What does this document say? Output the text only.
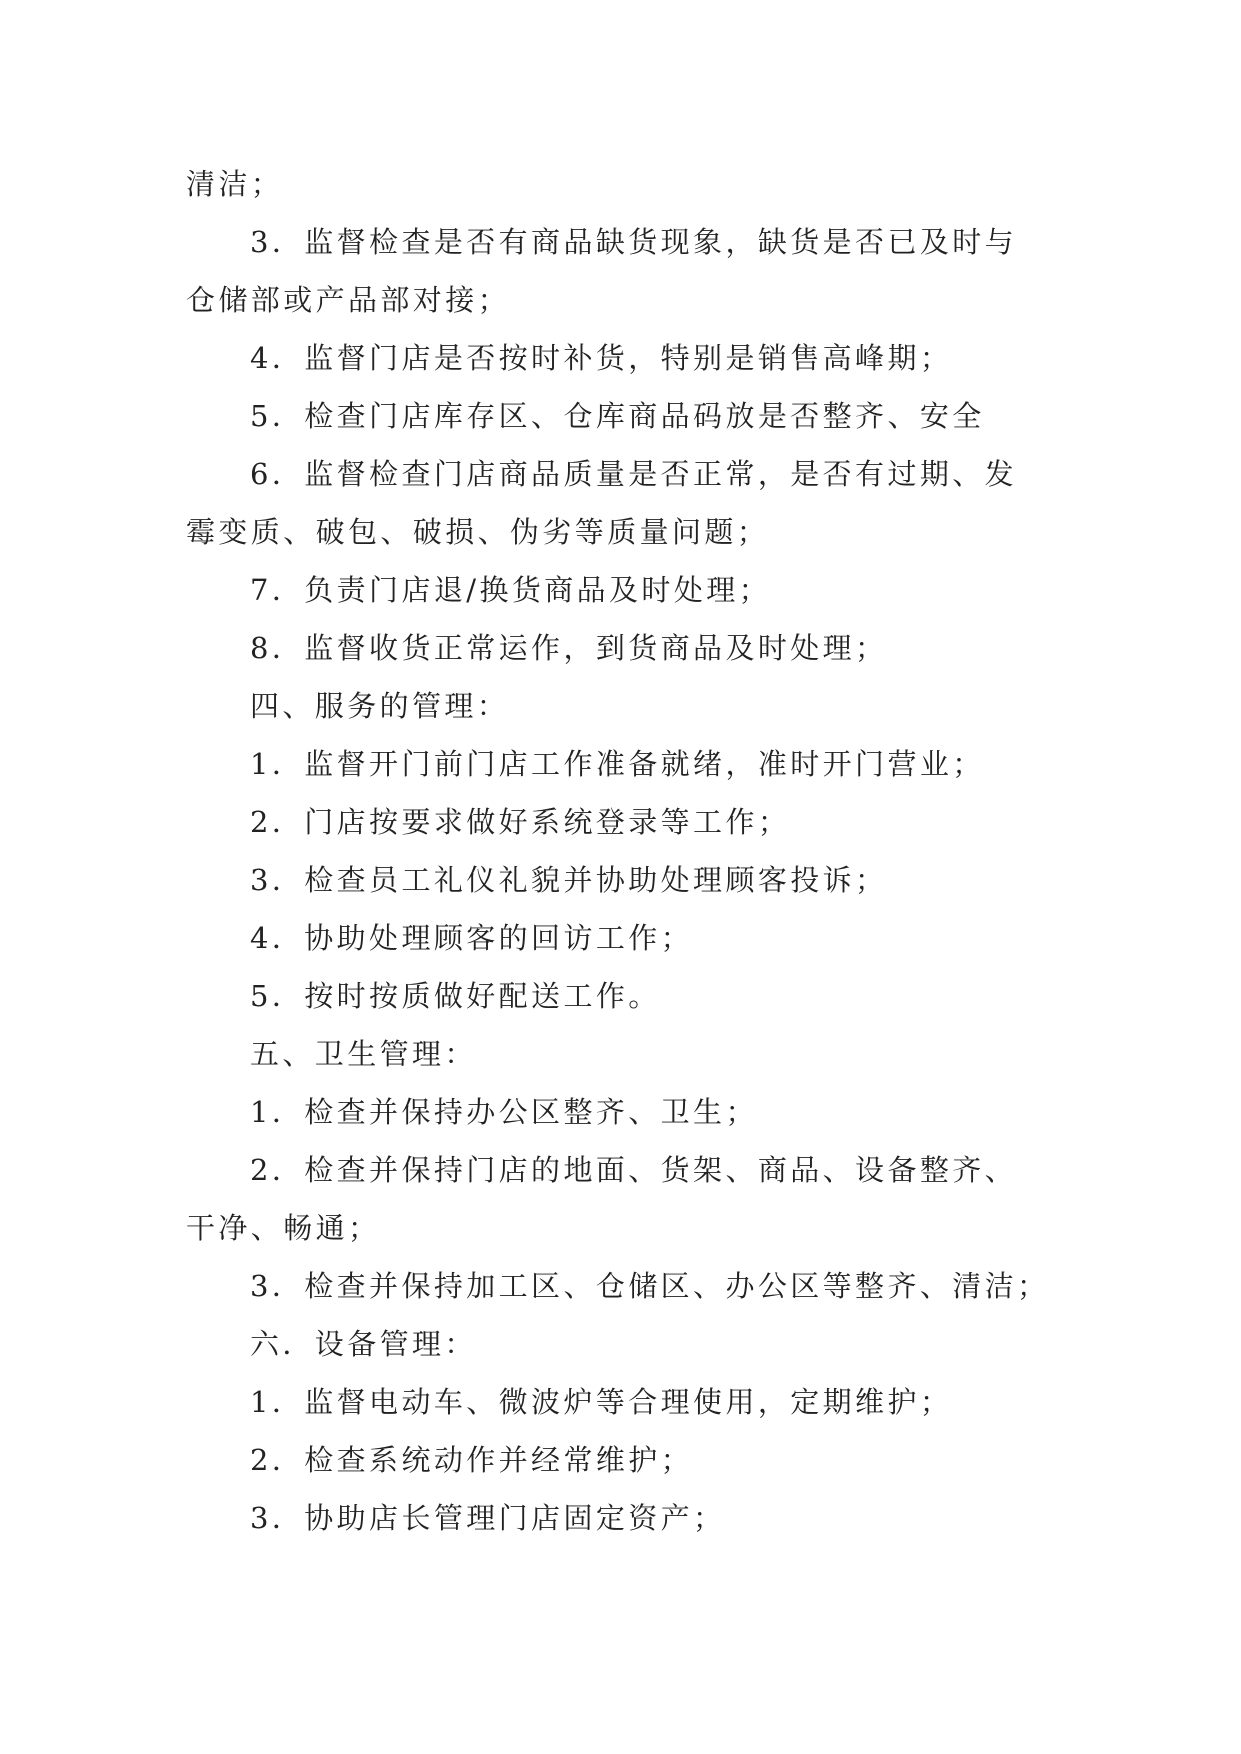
清洁；
3．监督检查是否有商品缺货现象，缺货是否已及时与
仓储部或产品部对接；
4．监督门店是否按时补货，特别是销售高峰期；
5．检查门店库存区、仓库商品码放是否整齐、安全
6．监督检查门店商品质量是否正常，是否有过期、发
霉变质、破包、破损、伪劣等质量问题；
7．负责门店退/换货商品及时处理；
8．监督收货正常运作，到货商品及时处理；
四、服务的管理：
1．监督开门前门店工作准备就绪，准时开门营业；
2．门店按要求做好系统登录等工作；
3．检查员工礼仪礼貌并协助处理顾客投诉；
4．协助处理顾客的回访工作；
5．按时按质做好配送工作。
五、卫生管理：
1．检查并保持办公区整齐、卫生；
2．检查并保持门店的地面、货架、商品、设备整齐、
干净、畅通；
3．检查并保持加工区、仓储区、办公区等整齐、清洁；
六．设备管理：
1．监督电动车、微波炉等合理使用，定期维护；
2．检查系统动作并经常维护；
3．协助店长管理门店固定资产；
